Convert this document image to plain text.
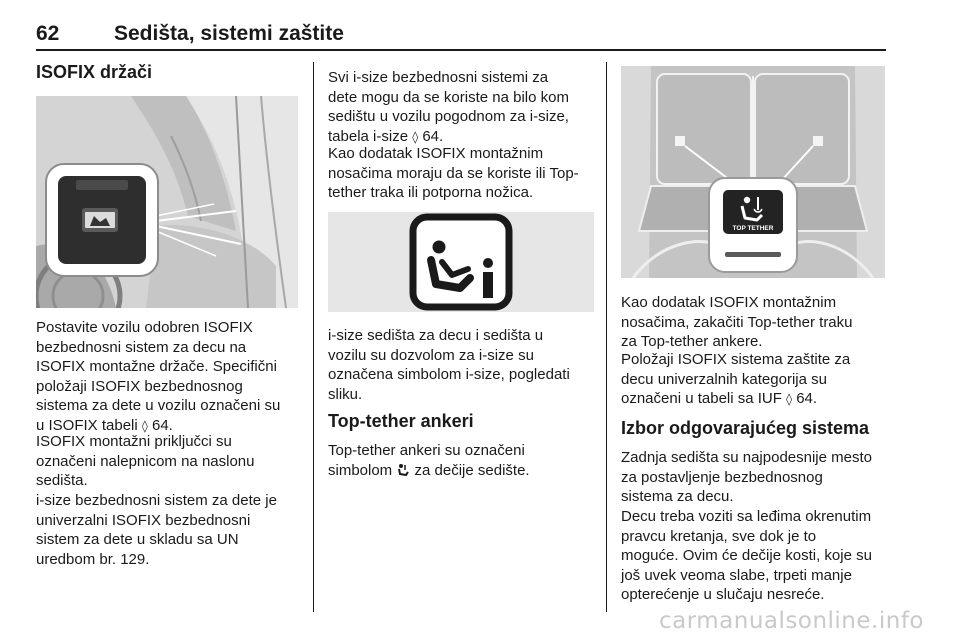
62	Sedišta, sistemi zaštite
ISOFIX držači

Postavite vozilu odobren ISOFIX
bezbednosni sistem za decu na
ISOFIX montažne držače. Specifični
položaji ISOFIX bezbednosnog
sistema za dete u vozilu označeni su
u ISOFIX tabeli ◊ 64.

ISOFIX montažni priključci su
označeni nalepnicom na naslonu
sedišta.

i-size bezbednosni sistem za dete je
univerzalni ISOFIX bezbednosni
sistem za dete u skladu sa UN
uredbom br. 129.

Svi i-size bezbednosni sistemi za
dete mogu da se koriste na bilo kom
sedištu u vozilu pogodnom za i-size,
tabela i-size ◊ 64.

Kao dodatak ISOFIX montažnim
nosačima moraju da se koriste ili Top-
tether traka ili potporna nožica.

i-size sedišta za decu i sedišta u
vozilu su dozvolom za i-size su
označena simbolom i-size, pogledati
sliku.

Top-tether ankeri

Top-tether ankeri su označeni
simbolom za dečije sedište.

TOP TETHER

Kao dodatak ISOFIX montažnim
nosačima, zakačiti Top-tether traku
za Top-tether ankere.

Položaji ISOFIX sistema zaštite za
decu univerzalnih kategorija su
označeni u tabeli sa IUF ◊ 64.

Izbor odgovarajućeg sistema

Zadnja sedišta su najpodesnije mesto
za postavljenje bezbednosnog
sistema za decu.

Decu treba voziti sa leđima okrenutim
pravcu kretanja, sve dok je to
moguće. Ovim će dečije kosti, koje su
još uvek veoma slabe, trpeti manje
opterećenje u slučaju nesreće.

carmanualsonline.info
